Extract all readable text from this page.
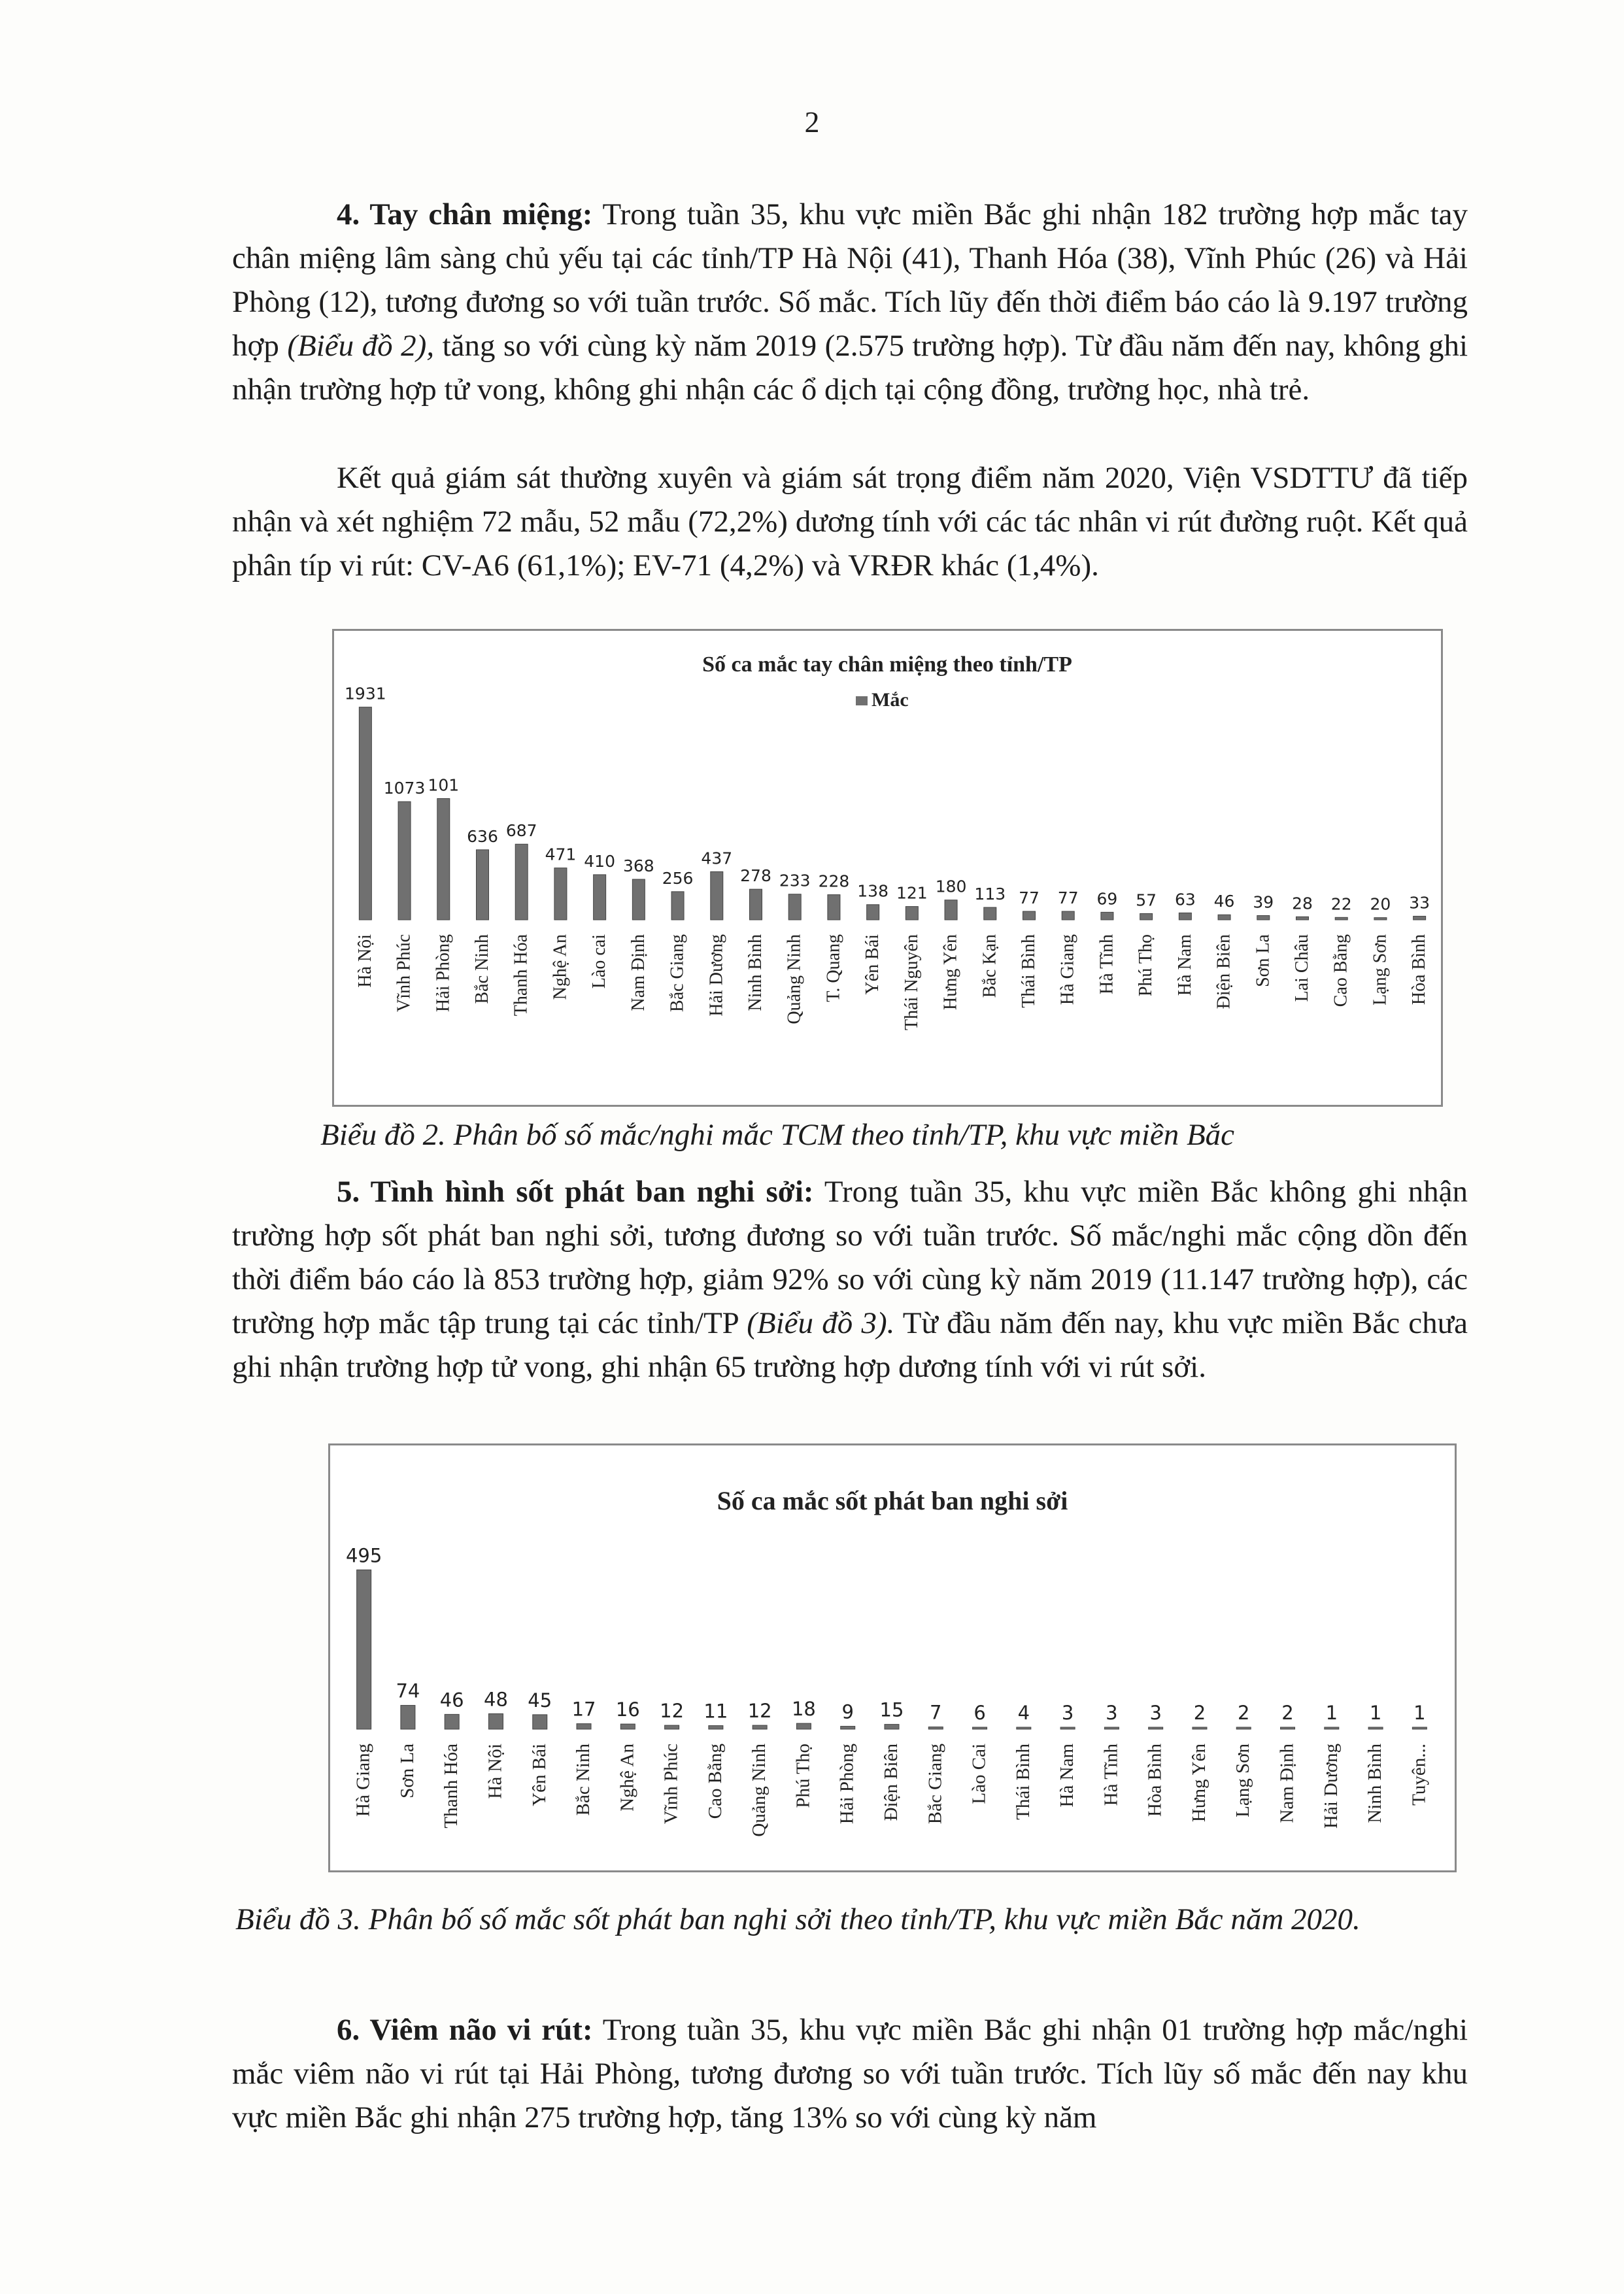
2

4. Tay chân miệng: Trong tuần 35, khu vực miền Bắc ghi nhận 182 trường hợp mắc tay chân miệng lâm sàng chủ yếu tại các tỉnh/TP Hà Nội (41), Thanh Hóa (38), Vĩnh Phúc (26) và Hải Phòng (12), tương đương so với tuần trước. Số mắc. Tích lũy đến thời điểm báo cáo là 9.197 trường hợp (Biểu đồ 2), tăng so với cùng kỳ năm 2019 (2.575 trường hợp). Từ đầu năm đến nay, không ghi nhận trường hợp tử vong, không ghi nhận các ổ dịch tại cộng đồng, trường học, nhà trẻ.

Kết quả giám sát thường xuyên và giám sát trọng điểm năm 2020, Viện VSDTTƯ đã tiếp nhận và xét nghiệm 72 mẫu, 52 mẫu (72,2%) dương tính với các tác nhân vi rút đường ruột. Kết quả phân típ vi rút: CV-A6 (61,1%); EV-71 (4,2%) và VRĐR khác (1,4%).

Số ca mắc tay chân miệng theo tỉnh/TP
Mắc
1931
Hà Nội
1073
Vĩnh Phúc
101
Hải Phòng
636
Bắc Ninh
687
Thanh Hóa
471
Nghệ An
410
Lào cai
368
Nam Định
256
Bắc Giang
437
Hải Dương
278
Ninh Bình
233
Quảng Ninh
228
T. Quang
138
Yên Bái
121
Thái Nguyên
180
Hưng Yên
113
Bắc Kạn
77
Thái Bình
77
Hà Giang
69
Hà Tĩnh
57
Phú Thọ
63
Hà Nam
46
Điện Biên
39
Sơn La
28
Lai Châu
22
Cao Bằng
20
Lạng Sơn
33
Hòa Bình

Biểu đồ 2. Phân bố số mắc/nghi mắc TCM theo tỉnh/TP, khu vực miền Bắc

5. Tình hình sốt phát ban nghi sởi: Trong tuần 35, khu vực miền Bắc không ghi nhận trường hợp sốt phát ban nghi sởi, tương đương so với tuần trước. Số mắc/nghi mắc cộng dồn đến thời điểm báo cáo là 853 trường hợp, giảm 92% so với cùng kỳ năm 2019 (11.147 trường hợp), các trường hợp mắc tập trung tại các tỉnh/TP (Biểu đồ 3). Từ đầu năm đến nay, khu vực miền Bắc chưa ghi nhận trường hợp tử vong, ghi nhận 65 trường hợp dương tính với vi rút sởi.

Số ca mắc sốt phát ban nghi sởi
495
Hà Giang
74
Sơn La
46
Thanh Hóa
48
Hà Nội
45
Yên Bái
17
Bắc Ninh
16
Nghệ An
12
Vĩnh Phúc
11
Cao Bằng
12
Quảng Ninh
18
Phú Thọ
9
Hải Phòng
15
Điện Biên
7
Bắc Giang
6
Lào Cai
4
Thái Bình
3
Hà Nam
3
Hà Tĩnh
3
Hòa Bình
2
Hưng Yên
2
Lạng Sơn
2
Nam Định
1
Hải Dương
1
Ninh Bình
1
Tuyên...

Biểu đồ 3. Phân bố số mắc sốt phát ban nghi sởi theo tỉnh/TP, khu vực miền Bắc năm 2020.

6. Viêm não vi rút: Trong tuần 35, khu vực miền Bắc ghi nhận 01 trường hợp mắc/nghi mắc viêm não vi rút tại Hải Phòng, tương đương so với tuần trước. Tích lũy số mắc đến nay khu vực miền Bắc ghi nhận 275 trường hợp, tăng 13% so với cùng kỳ năm
